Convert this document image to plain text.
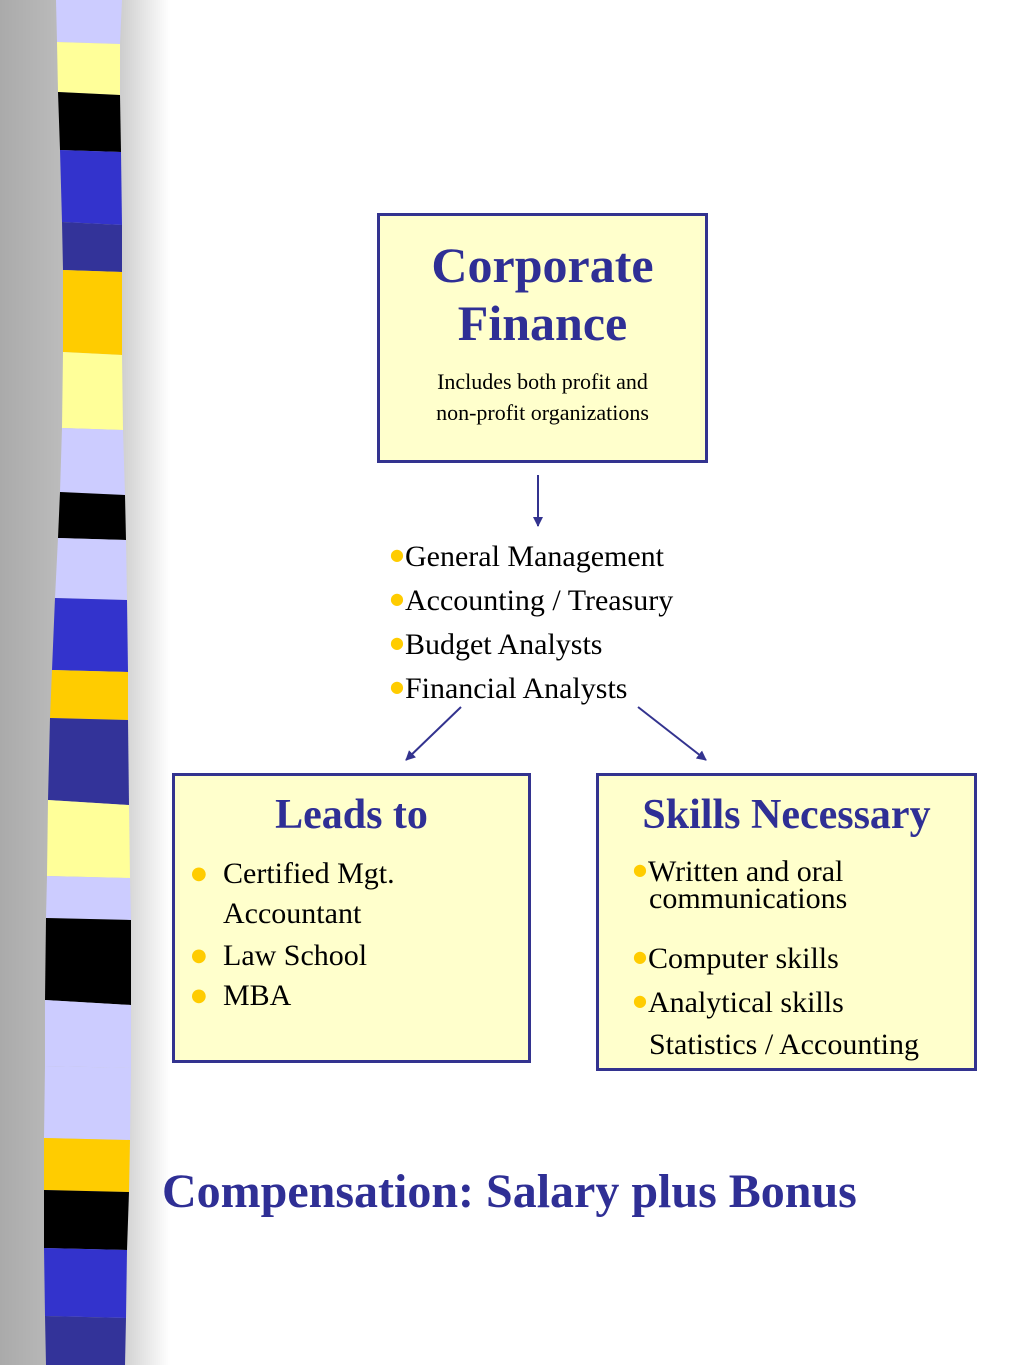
Corporate
Finance
Includes both profit and
non-profit organizations
●General Management
●Accounting / Treasury
●Budget Analysts
●Financial Analysts
Leads to
● Certified Mgt.
Accountant
● Law School
● MBA
Skills Necessary
●Written and oral
communications
●Computer skills
●Analytical skills
Statistics / Accounting
Compensation: Salary plus Bonus
